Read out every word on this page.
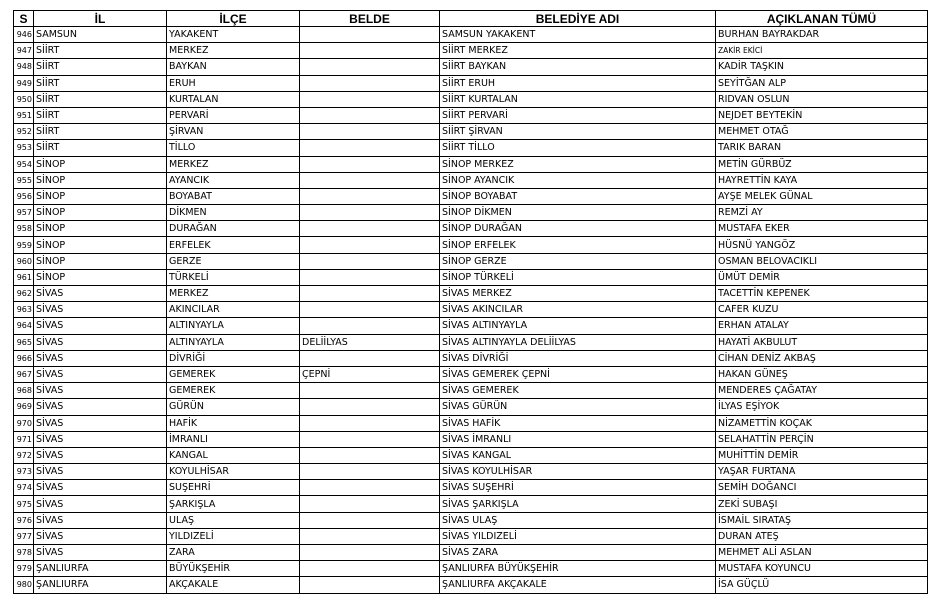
S	İL	İLÇE	BELDE	BELEDİYE ADI	AÇIKLANAN TÜMÜ
946	SAMSUN	YAKAKENT		SAMSUN YAKAKENT	BURHAN BAYRAKDAR
947	SİİRT	MERKEZ		SİİRT MERKEZ	ZAKİR EKİCİ
948	SİİRT	BAYKAN		SİİRT BAYKAN	KADİR TAŞKIN
949	SİİRT	ERUH		SİİRT ERUH	SEYİTĞAN ALP
950	SİİRT	KURTALAN		SİİRT KURTALAN	RIDVAN OSLUN
951	SİİRT	PERVARİ		SİİRT PERVARİ	NEJDET BEYTEKİN
952	SİİRT	ŞİRVAN		SİİRT ŞİRVAN	MEHMET OTAĞ
953	SİİRT	TİLLO		SİİRT TİLLO	TARIK BARAN
954	SİNOP	MERKEZ		SİNOP MERKEZ	METİN GÜRBÜZ
955	SİNOP	AYANCIK		SİNOP AYANCIK	HAYRETTİN KAYA
956	SİNOP	BOYABAT		SİNOP BOYABAT	AYŞE MELEK GÜNAL
957	SİNOP	DİKMEN		SİNOP DİKMEN	REMZİ AY
958	SİNOP	DURAĞAN		SİNOP DURAĞAN	MUSTAFA EKER
959	SİNOP	ERFELEK		SİNOP ERFELEK	HÜSNÜ YANGÖZ
960	SİNOP	GERZE		SİNOP GERZE	OSMAN BELOVACIKLI
961	SİNOP	TÜRKELİ		SİNOP TÜRKELİ	ÜMÜT DEMİR
962	SİVAS	MERKEZ		SİVAS MERKEZ	TACETTİN KEPENEK
963	SİVAS	AKINCILAR		SİVAS AKINCILAR	CAFER KUZU
964	SİVAS	ALTINYAYLA		SİVAS ALTINYAYLA	ERHAN ATALAY
965	SİVAS	ALTINYAYLA	DELİİLYAS	SİVAS ALTINYAYLA DELİİLYAS	HAYATİ AKBULUT
966	SİVAS	DİVRİĞİ		SİVAS DİVRİĞİ	CİHAN DENİZ AKBAŞ
967	SİVAS	GEMEREK	ÇEPNİ	SİVAS GEMEREK ÇEPNİ	HAKAN GÜNEŞ
968	SİVAS	GEMEREK		SİVAS GEMEREK	MENDERES ÇAĞATAY
969	SİVAS	GÜRÜN		SİVAS GÜRÜN	İLYAS EŞİYOK
970	SİVAS	HAFİK		SİVAS HAFİK	NİZAMETTİN KOÇAK
971	SİVAS	İMRANLI		SİVAS İMRANLI	SELAHATTİN PERÇİN
972	SİVAS	KANGAL		SİVAS KANGAL	MUHİTTİN DEMİR
973	SİVAS	KOYULHİSAR		SİVAS KOYULHİSAR	YAŞAR FURTANA
974	SİVAS	SUŞEHRİ		SİVAS SUŞEHRİ	SEMİH DOĞANCI
975	SİVAS	ŞARKIŞLA		SİVAS ŞARKIŞLA	ZEKİ SUBAŞI
976	SİVAS	ULAŞ		SİVAS ULAŞ	İSMAİL SIRATAŞ
977	SİVAS	YILDIZELİ		SİVAS YILDIZELİ	DURAN ATEŞ
978	SİVAS	ZARA		SİVAS ZARA	MEHMET ALİ ASLAN
979	ŞANLIURFA	BÜYÜKŞEHİR		ŞANLIURFA BÜYÜKŞEHİR	MUSTAFA KOYUNCU
980	ŞANLIURFA	AKÇAKALE		ŞANLIURFA AKÇAKALE	İSA GÜÇLÜ
